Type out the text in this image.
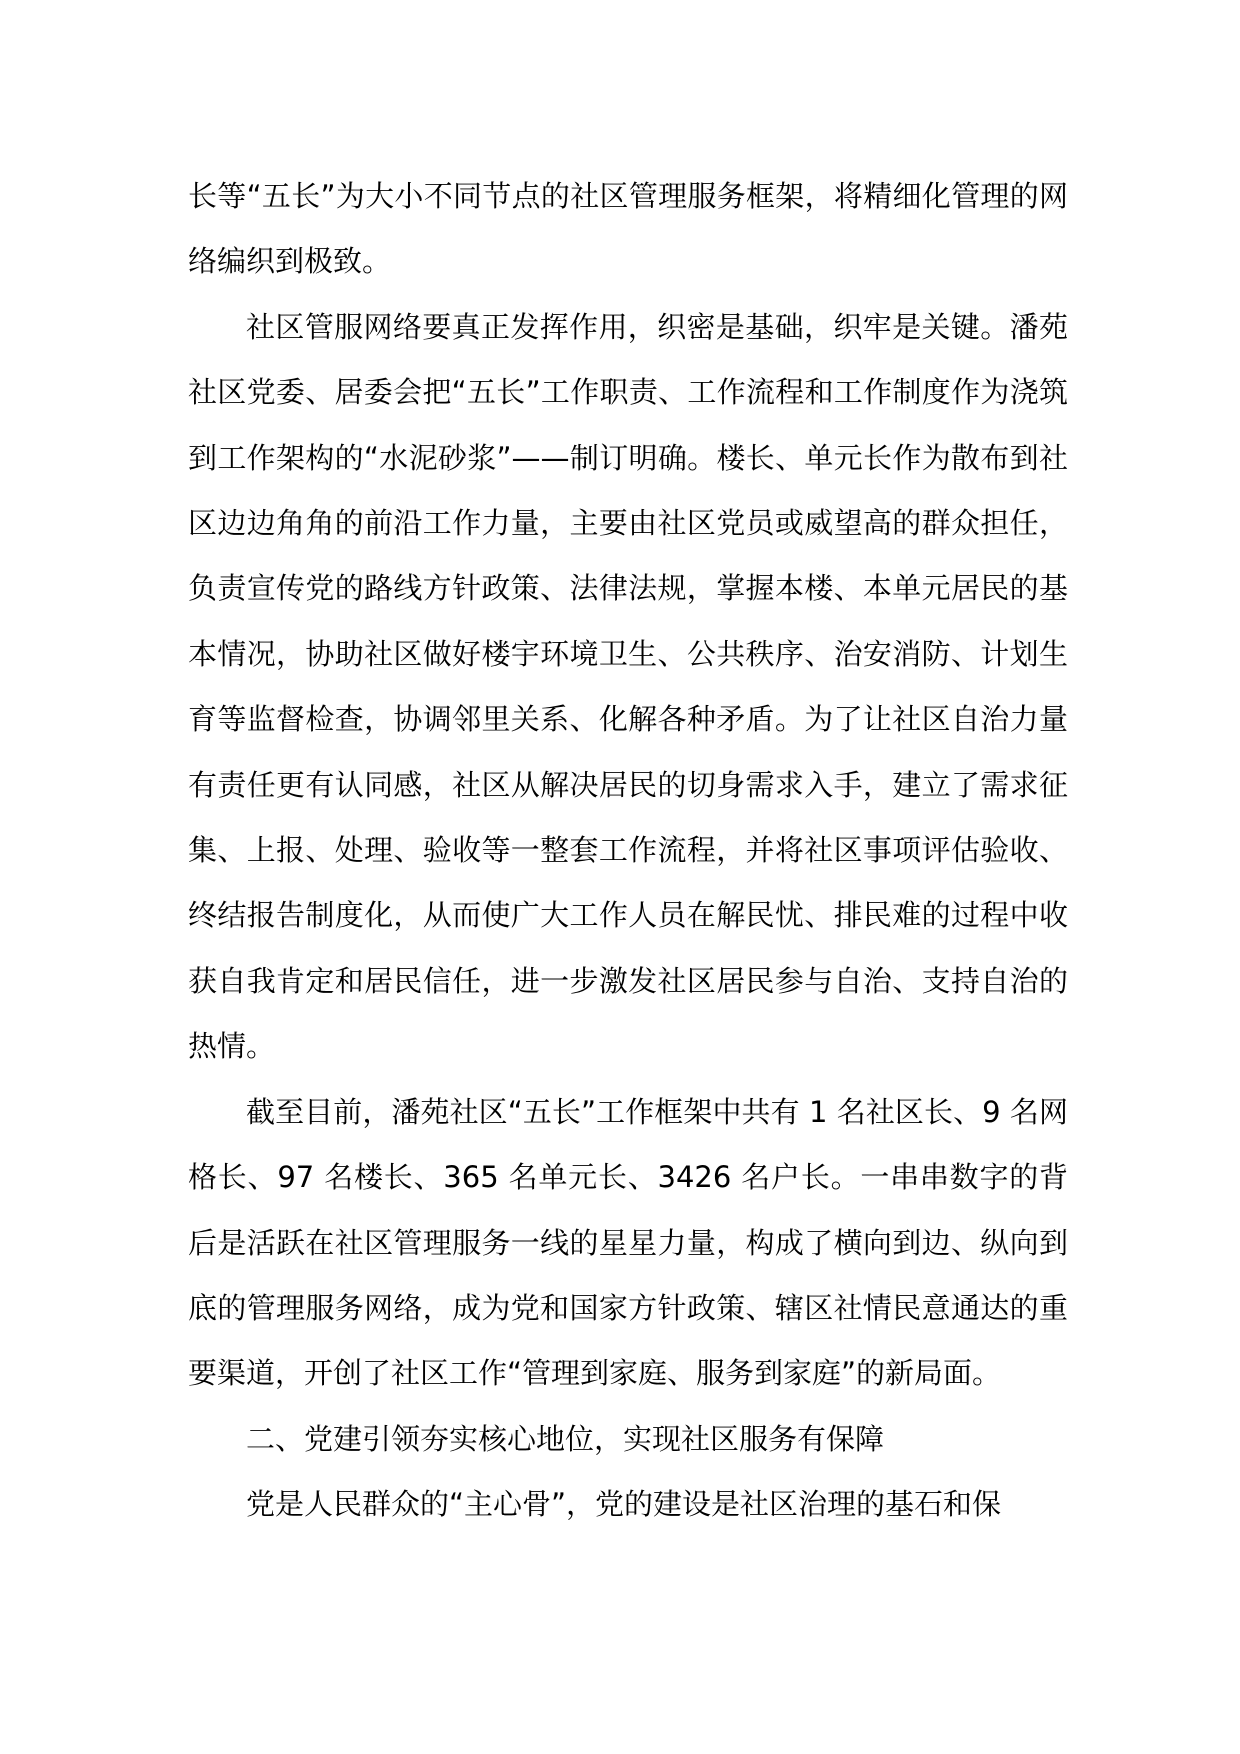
长等“五长”为大小不同节点的社区管理服务框架，将精细化管理的网络编织到极致。

社区管服网络要真正发挥作用，织密是基础，织牢是关键。潘苑社区党委、居委会把“五长”工作职责、工作流程和工作制度作为浇筑到工作架构的“水泥砂浆”——制订明确。楼长、单元长作为散布到社区边边角角的前沿工作力量，主要由社区党员或威望高的群众担任，负责宣传党的路线方针政策、法律法规，掌握本楼、本单元居民的基本情况，协助社区做好楼宇环境卫生、公共秩序、治安消防、计划生育等监督检查，协调邻里关系、化解各种矛盾。为了让社区自治力量有责任更有认同感，社区从解决居民的切身需求入手，建立了需求征集、上报、处理、验收等一整套工作流程，并将社区事项评估验收、终结报告制度化，从而使广大工作人员在解民忧、排民难的过程中收获自我肯定和居民信任，进一步激发社区居民参与自治、支持自治的热情。

截至目前，潘苑社区“五长”工作框架中共有 1 名社区长、9 名网格长、97 名楼长、365 名单元长、3426 名户长。一串串数字的背后是活跃在社区管理服务一线的星星力量，构成了横向到边、纵向到底的管理服务网络，成为党和国家方针政策、辖区社情民意通达的重要渠道，开创了社区工作“管理到家庭、服务到家庭”的新局面。

二、党建引领夯实核心地位，实现社区服务有保障

党是人民群众的“主心骨”，党的建设是社区治理的基石和保
